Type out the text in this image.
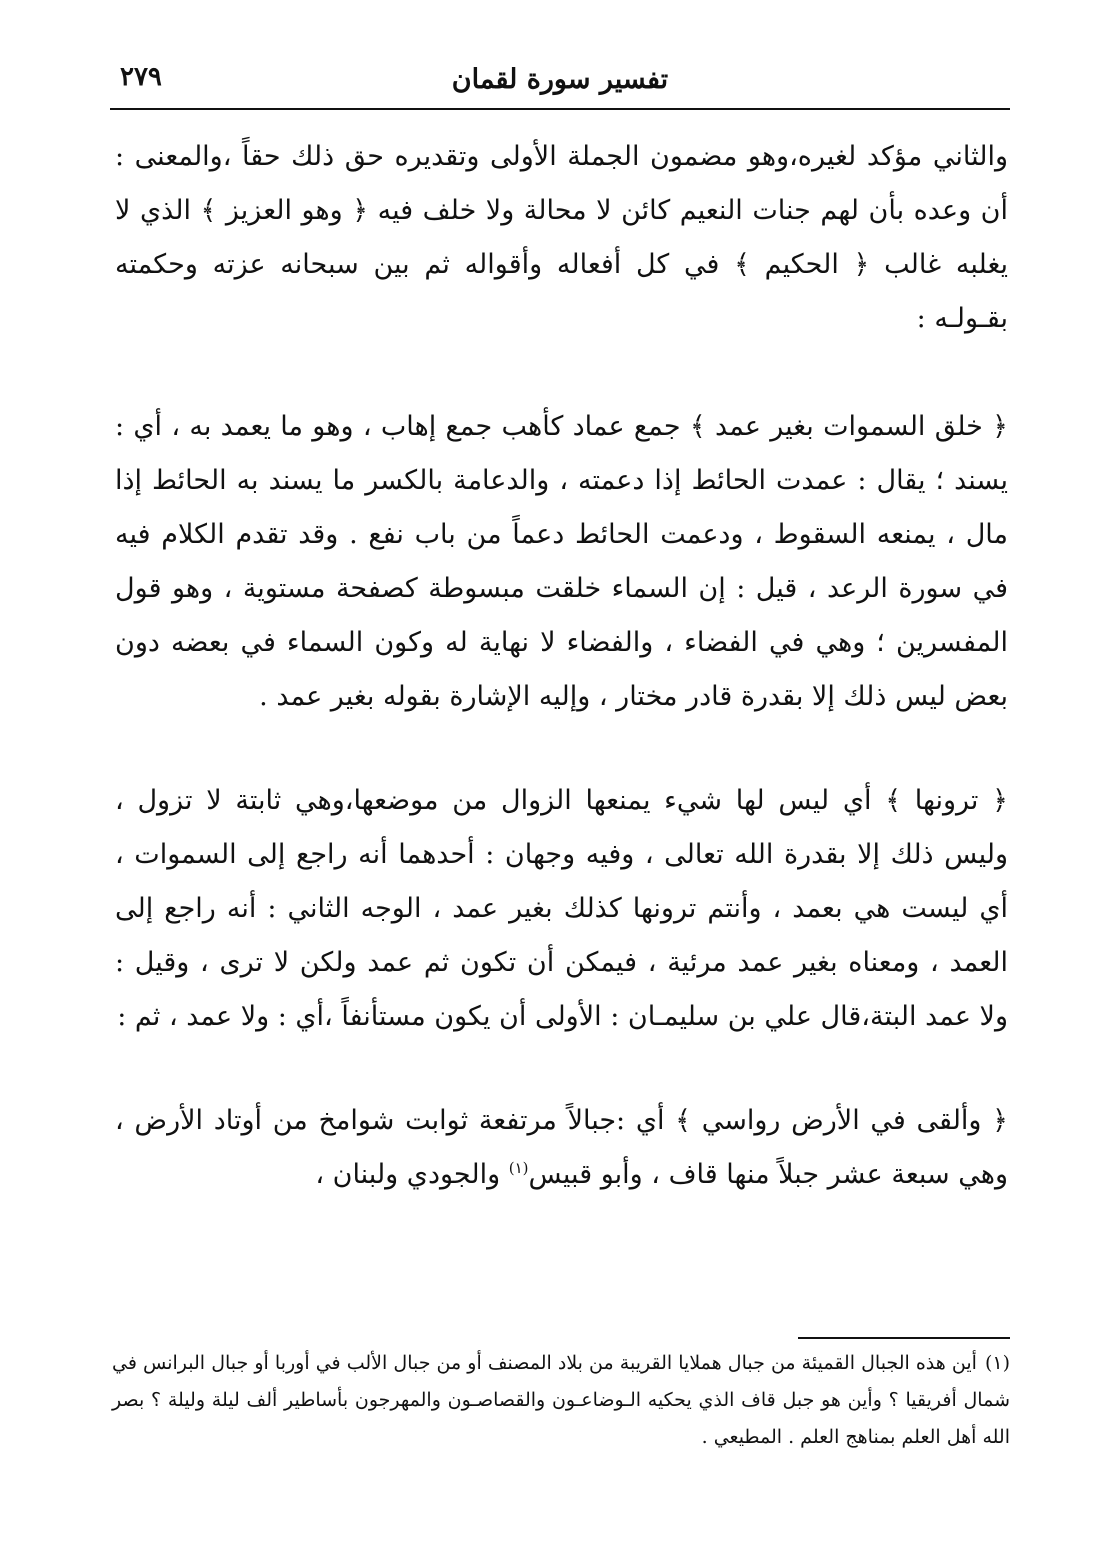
٢٧٩	تفسير سورة لقمان

والثاني مؤكد لغيره،وهو مضمون الجملة الأولى وتقديره حق ذلك حقاً ،والمعنى : أن وعده بأن لهم جنات النعيم كائن لا محالة ولا خلف فيه ﴿ وهو العزيز ﴾ الذي لا يغلبه غالب ﴿ الحكيم ﴾ في كل أفعاله وأقواله ثم بين سبحانه عزته وحكمته بقـولـه :

﴿ خلق السموات بغير عمد ﴾ جمع عماد كأهب جمع إهاب ، وهو ما يعمد به ، أي : يسند ؛ يقال : عمدت الحائط إذا دعمته ، والدعامة بالكسر ما يسند به الحائط إذا مال ، يمنعه السقوط ، ودعمت الحائط دعماً من باب نفع . وقد تقدم الكلام فيه في سورة الرعد ، قيل : إن السماء خلقت مبسوطة كصفحة مستوية ، وهو قول المفسرين ؛ وهي في الفضاء ، والفضاء لا نهاية له وكون السماء في بعضه دون بعض ليس ذلك إلا بقدرة قادر مختار ، وإليه الإشارة بقوله بغير عمد .

﴿ ترونها ﴾ أي ليس لها شيء يمنعها الزوال من موضعها،وهي ثابتة لا تزول ، وليس ذلك إلا بقدرة الله تعالى ، وفيه وجهان : أحدهما أنه راجع إلى السموات ، أي ليست هي بعمد ، وأنتم ترونها كذلك بغير عمد ، الوجه الثاني : أنه راجع إلى العمد ، ومعناه بغير عمد مرئية ، فيمكن أن تكون ثم عمد ولكن لا ترى ، وقيل : ولا عمد البتة،قال علي بن سليمـان : الأولى أن يكون مستأنفاً ،أي : ولا عمد ، ثم :

﴿ وألقى في الأرض رواسي ﴾ أي :جبالاً مرتفعة ثوابت شوامخ من أوتاد الأرض ، وهي سبعة عشر جبلاً منها قاف ، وأبو قبيس$^{(١)}$ والجودي ولبنان ،

(١)أين هذه الجبال القميئة من جبال هملايا القريبة من بلاد المصنف أو من جبال الألب في أوربا أو جبال البرانس في شمال أفريقيا ؟ وأين هو جبل قاف الذي يحكيه الـوضاعـون والقصاصـون والمهرجون بأساطير ألف ليلة وليلة ؟ بصر الله أهل العلم بمناهج العلم . المطيعي .
